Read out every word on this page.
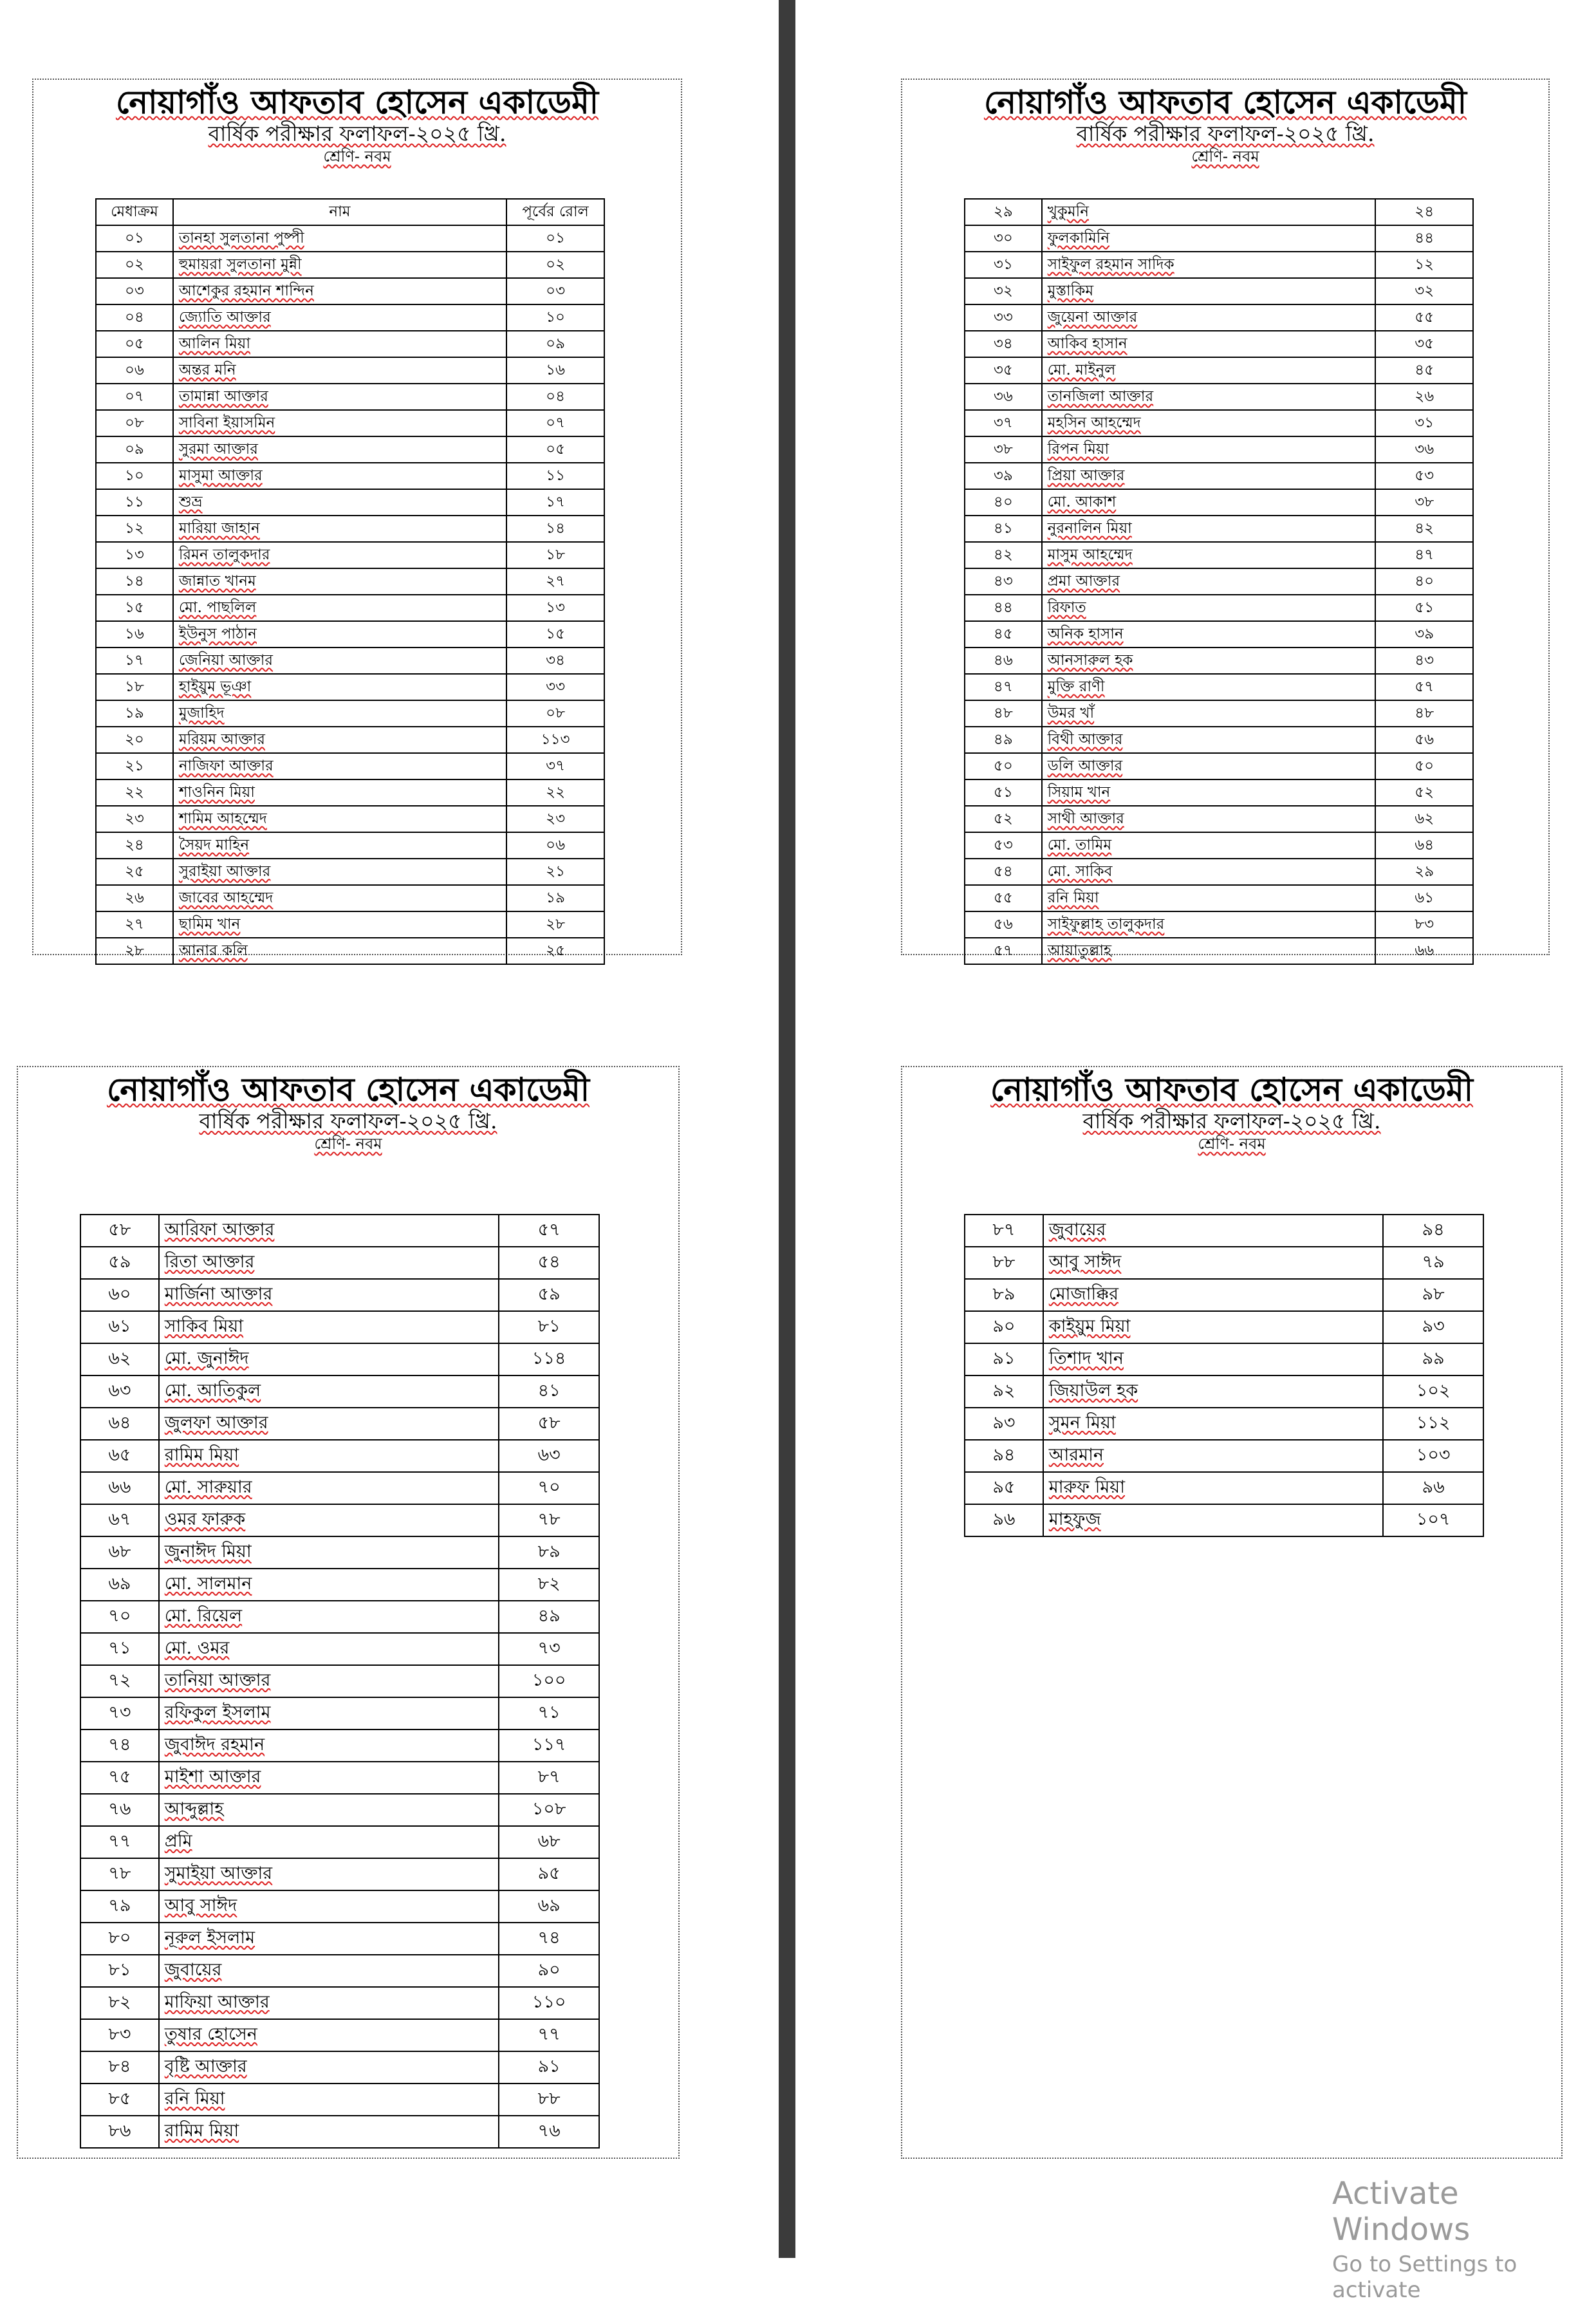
নোয়াগাঁও আফতাব হোসেন একাডেমী
বার্ষিক পরীক্ষার ফলাফল-২০২৫ খ্রি.
শ্রেণি- নবম
মেধাক্রম	নাম	পূর্বের রোল
০১	তানহা সুলতানা পুষ্পী	০১
০২	হুমায়রা সুলতানা মুন্নী	০২
০৩	আশেকুর রহমান শান্দিন	০৩
০৪	জ্যোতি আক্তার	১০
০৫	আলিন মিয়া	০৯
০৬	অন্তর মনি	১৬
০৭	তামান্না আক্তার	০৪
০৮	সাবিনা ইয়াসমিন	০৭
০৯	সুরমা আক্তার	০৫
১০	মাসুমা আক্তার	১১
১১	শুভ্র	১৭
১২	মারিয়া জাহান	১৪
১৩	রিমন তালুকদার	১৮
১৪	জান্নাত খানম	২৭
১৫	মো. পাছলিল	১৩
১৬	ইউনুস পাঠান	১৫
১৭	জেনিয়া আক্তার	৩৪
১৮	হাইয়ুম ভূঞা	৩৩
১৯	মুজাহিদ	০৮
২০	মরিয়ম আক্তার	১১৩
২১	নাজিফা আক্তার	৩৭
২২	শাওনিন মিয়া	২২
২৩	শামিম আহম্মেদ	২৩
২৪	সৈয়দ মাহিন	০৬
২৫	সুরাইয়া আক্তার	২১
২৬	জাবের আহম্মেদ	১৯
২৭	ছামিম খান	২৮
২৮	আনার কলি	২৫
নোয়াগাঁও আফতাব হোসেন একাডেমী
বার্ষিক পরীক্ষার ফলাফল-২০২৫ খ্রি.
শ্রেণি- নবম
২৯	খুকুমনি	২৪
৩০	ফুলকামিনি	৪৪
৩১	সাইফুল রহমান সাদিক	১২
৩২	মুস্তাকিম	৩২
৩৩	জুয়েনা আক্তার	৫৫
৩৪	আকিব হাসান	৩৫
৩৫	মো. মাইনুল	৪৫
৩৬	তানজিলা আক্তার	২৬
৩৭	মহসিন আহম্মেদ	৩১
৩৮	রিপন মিয়া	৩৬
৩৯	প্রিয়া আক্তার	৫৩
৪০	মো. আকাশ	৩৮
৪১	নুরনালিন মিয়া	৪২
৪২	মাসুম আহম্মেদ	৪৭
৪৩	প্রমা আক্তার	৪০
৪৪	রিফাত	৫১
৪৫	অনিক হাসান	৩৯
৪৬	আনসারুল হক	৪৩
৪৭	মুক্তি রাণী	৫৭
৪৮	উমর খাঁ	৪৮
৪৯	বিথী আক্তার	৫৬
৫০	ডলি আক্তার	৫০
৫১	সিয়াম খান	৫২
৫২	সাথী আক্তার	৬২
৫৩	মো. তামিম	৬৪
৫৪	মো. সাকিব	২৯
৫৫	রনি মিয়া	৬১
৫৬	সাইফুল্লাহ তালুকদার	৮৩
৫৭	আয়াতুল্লাহ	৬৬
নোয়াগাঁও আফতাব হোসেন একাডেমী
বার্ষিক পরীক্ষার ফলাফল-২০২৫ খ্রি.
শ্রেণি- নবম
৫৮	আরিফা আক্তার	৫৭
৫৯	রিতা আক্তার	৫৪
৬০	মার্জিনা আক্তার	৫৯
৬১	সাকিব মিয়া	৮১
৬২	মো. জুনাঈদ	১১৪
৬৩	মো. আতিকুল	৪১
৬৪	জুলফা আক্তার	৫৮
৬৫	রামিম মিয়া	৬৩
৬৬	মো. সারুয়ার	৭০
৬৭	ওমর ফারুক	৭৮
৬৮	জুনাঈদ মিয়া	৮৯
৬৯	মো. সালমান	৮২
৭০	মো. রিয়েল	৪৯
৭১	মো. ওমর	৭৩
৭২	তানিয়া আক্তার	১০০
৭৩	রফিকুল ইসলাম	৭১
৭৪	জুবাঈদ রহমান	১১৭
৭৫	মাইশা আক্তার	৮৭
৭৬	আব্দুল্লাহ	১০৮
৭৭	প্রমি	৬৮
৭৮	সুমাইয়া আক্তার	৯৫
৭৯	আবু সাঈদ	৬৯
৮০	নূরুল ইসলাম	৭৪
৮১	জুবায়ের	৯০
৮২	মাফিয়া আক্তার	১১০
৮৩	তুষার হোসেন	৭৭
৮৪	বৃষ্টি আক্তার	৯১
৮৫	রনি মিয়া	৮৮
৮৬	রামিম মিয়া	৭৬
নোয়াগাঁও আফতাব হোসেন একাডেমী
বার্ষিক পরীক্ষার ফলাফল-২০২৫ খ্রি.
শ্রেণি- নবম
৮৭	জুবায়ের	৯৪
৮৮	আবু সাঈদ	৭৯
৮৯	মোজাক্কির	৯৮
৯০	কাইয়ুম মিয়া	৯৩
৯১	তিশাদ খান	৯৯
৯২	জিয়াউল হক	১০২
৯৩	সুমন মিয়া	১১২
৯৪	আরমান	১০৩
৯৫	মারুফ মিয়া	৯৬
৯৬	মাহফুজ	১০৭
Activate Windows
Go to Settings to activate
